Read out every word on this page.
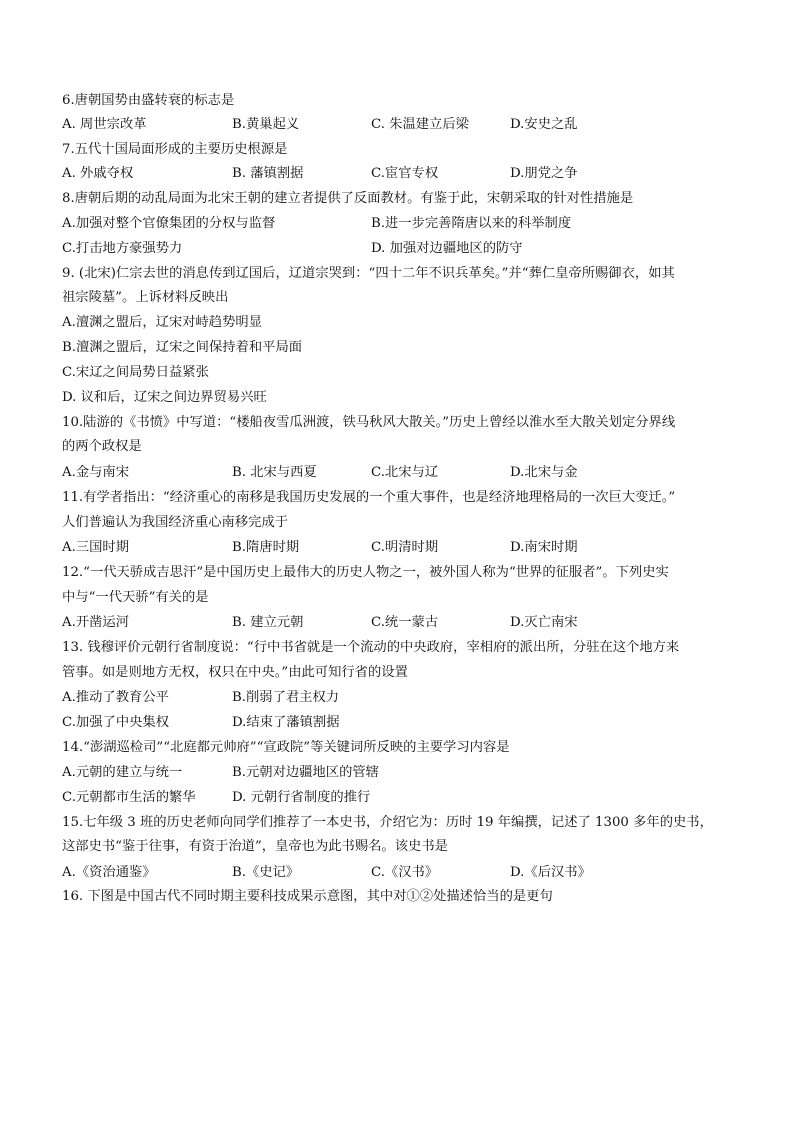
6.唐朝国势由盛转衰的标志是
A. 周世宗改革	B.黄巢起义	C. 朱温建立后梁	D.安史之乱
7.五代十国局面形成的主要历史根源是
A. 外戚夺权	B. 藩镇割据	C.宦官专权	D.朋党之争
8.唐朝后期的动乱局面为北宋王朝的建立者提供了反面教材。有鉴于此，宋朝采取的针对性措施是
A.加强对整个官僚集团的分权与监督	B.进一步完善隋唐以来的科举制度
C.打击地方豪强势力	D. 加强对边疆地区的防守
9. (北宋)仁宗去世的消息传到辽国后，辽道宗哭到：“四十二年不识兵革矣。”并“葬仁皇帝所赐御衣，如其
祖宗陵墓”。上诉材料反映出
A.澶渊之盟后，辽宋对峙趋势明显
B.澶渊之盟后，辽宋之间保持着和平局面
C.宋辽之间局势日益紧张
D. 议和后，辽宋之间边界贸易兴旺
10.陆游的《书愤》中写道：“楼船夜雪瓜洲渡，铁马秋风大散关。”历史上曾经以淮水至大散关划定分界线
的两个政权是
A.金与南宋	B. 北宋与西夏	C.北宋与辽	D.北宋与金
11.有学者指出：“经济重心的南移是我国历史发展的一个重大事件，也是经济地理格局的一次巨大变迁。”
人们普遍认为我国经济重心南移完成于
A.三国时期	B.隋唐时期	C.明清时期	D.南宋时期
12.“一代天骄成吉思汗”是中国历史上最伟大的历史人物之一，被外国人称为“世界的征服者”。下列史实
中与“一代天骄”有关的是
A.开凿运河	B. 建立元朝	C.统一蒙古	D.灭亡南宋
13. 钱穆评价元朝行省制度说：“行中书省就是一个流动的中央政府，宰相府的派出所，分驻在这个地方来
管事。如是则地方无权，权只在中央。”由此可知行省的设置
A.推动了教育公平	B.削弱了君主权力
C.加强了中央集权	D.结束了藩镇割据
14.“澎湖巡检司”“北庭都元帅府”“宣政院”等关键词所反映的主要学习内容是
A.元朝的建立与统一	B.元朝对边疆地区的管辖
C.元朝都市生活的繁华	D. 元朝行省制度的推行
15.七年级 3 班的历史老师向同学们推荐了一本史书，介绍它为：历时 19 年编撰，记述了 1300 多年的史书，
这部史书“鉴于往事，有资于治道”，皇帝也为此书赐名。该史书是
A.《资治通鉴》	B.《史记》	C.《汉书》	D.《后汉书》
16. 下图是中国古代不同时期主要科技成果示意图，其中对①②处描述恰当的是更句
